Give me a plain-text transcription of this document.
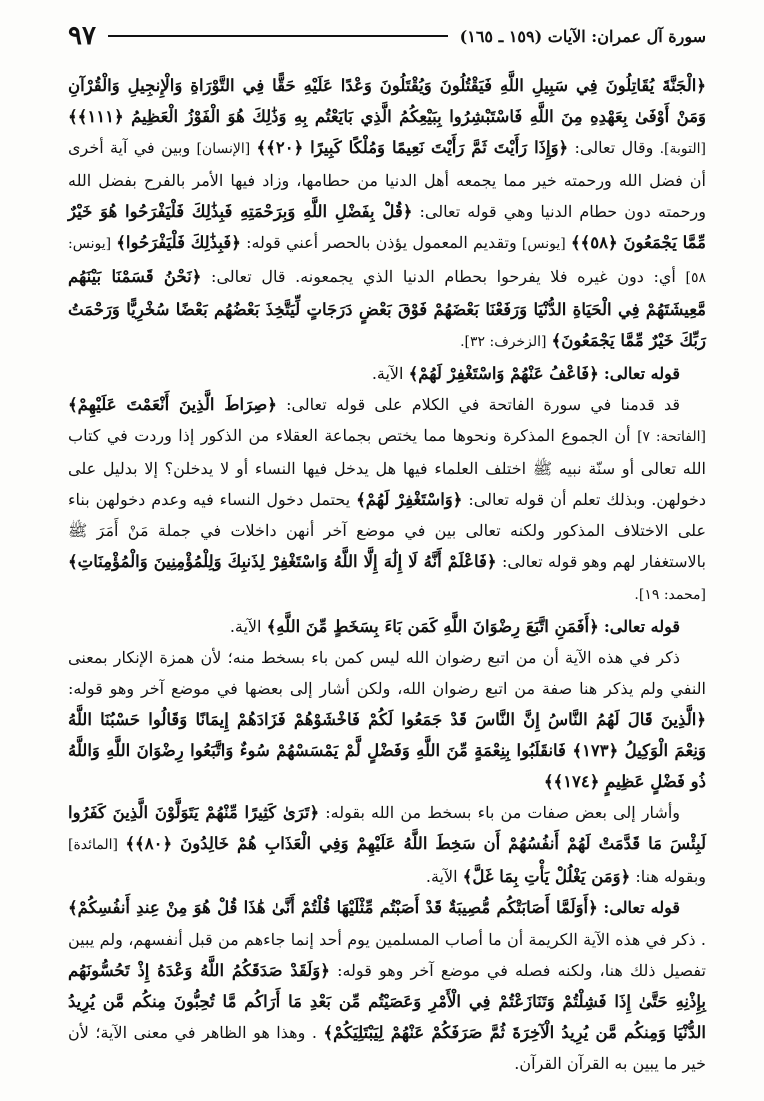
سورة آل عمران: الآيات (١٥٩ ـ ١٦٥)
٩٧

﴿الْجَنَّةَ يُقَاتِلُونَ فِي سَبِيلِ اللَّهِ فَيَقْتُلُونَ وَيُقْتَلُونَ وَعْدًا عَلَيْهِ حَقًّا فِي التَّوْرَاةِ وَالْإِنجِيلِ وَالْقُرْآنِ وَمَنْ أَوْفَىٰ بِعَهْدِهِ مِنَ اللَّهِ فَاسْتَبْشِرُوا بِبَيْعِكُمُ الَّذِي بَايَعْتُم بِهِ وَذَٰلِكَ هُوَ الْفَوْزُ الْعَظِيمُ ﴿١١١﴾﴾ [التوبة]. وقال تعالى: ﴿وَإِذَا رَأَيْتَ ثَمَّ رَأَيْتَ نَعِيمًا وَمُلْكًا كَبِيرًا ﴿٢٠﴾﴾ [الإنسان] وبين في آية أخرى أن فضل الله ورحمته خير مما يجمعه أهل الدنيا من حطامها، وزاد فيها الأمر بالفرح بفضل الله ورحمته دون حطام الدنيا وهي قوله تعالى: ﴿قُلْ بِفَضْلِ اللَّهِ وَبِرَحْمَتِهِ فَبِذَٰلِكَ فَلْيَفْرَحُوا هُوَ خَيْرٌ مِّمَّا يَجْمَعُونَ ﴿٥٨﴾﴾ [يونس] وتقديم المعمول يؤذن بالحصر أعني قوله: ﴿فَبِذَٰلِكَ فَلْيَفْرَحُوا﴾ [يونس: ٥٨] أي: دون غيره فلا يفرحوا بحطام الدنيا الذي يجمعونه. قال تعالى: ﴿نَحْنُ قَسَمْنَا بَيْنَهُم مَّعِيشَتَهُمْ فِي الْحَيَاةِ الدُّنْيَا وَرَفَعْنَا بَعْضَهُمْ فَوْقَ بَعْضٍ دَرَجَاتٍ لِّيَتَّخِذَ بَعْضُهُم بَعْضًا سُخْرِيًّا وَرَحْمَتُ رَبِّكَ خَيْرٌ مِّمَّا يَجْمَعُونَ﴾ [الزخرف: ٣٢].

قوله تعالى: ﴿فَاعْفُ عَنْهُمْ وَاسْتَغْفِرْ لَهُمْ﴾ الآية.

قد قدمنا في سورة الفاتحة في الكلام على قوله تعالى: ﴿صِرَاطَ الَّذِينَ أَنْعَمْتَ عَلَيْهِمْ﴾ [الفاتحة: ٧] أن الجموع المذكرة ونحوها مما يختص بجماعة العقلاء من الذكور إذا وردت في كتاب الله تعالى أو سنّة نبيه ﷺ اختلف العلماء فيها هل يدخل فيها النساء أو لا يدخلن؟ إلا بدليل على دخولهن. وبذلك تعلم أن قوله تعالى: ﴿وَاسْتَغْفِرْ لَهُمْ﴾ يحتمل دخول النساء فيه وعدم دخولهن بناء على الاختلاف المذكور ولكنه تعالى بين في موضع آخر أنهن داخلات في جملة مَنْ أَمَرَ ﷺ بالاستغفار لهم وهو قوله تعالى: ﴿فَاعْلَمْ أَنَّهُ لَا إِلَٰهَ إِلَّا اللَّهُ وَاسْتَغْفِرْ لِذَنبِكَ وَلِلْمُؤْمِنِينَ وَالْمُؤْمِنَاتِ﴾ [محمد: ١٩].

قوله تعالى: ﴿أَفَمَنِ اتَّبَعَ رِضْوَانَ اللَّهِ كَمَن بَاءَ بِسَخَطٍ مِّنَ اللَّهِ﴾ الآية.

ذكر في هذه الآية أن من اتبع رضوان الله ليس كمن باء بسخط منه؛ لأن همزة الإنكار بمعنى النفي ولم يذكر هنا صفة من اتبع رضوان الله، ولكن أشار إلى بعضها في موضع آخر وهو قوله: ﴿الَّذِينَ قَالَ لَهُمُ النَّاسُ إِنَّ النَّاسَ قَدْ جَمَعُوا لَكُمْ فَاخْشَوْهُمْ فَزَادَهُمْ إِيمَانًا وَقَالُوا حَسْبُنَا اللَّهُ وَنِعْمَ الْوَكِيلُ ﴿١٧٣﴾ فَانقَلَبُوا بِنِعْمَةٍ مِّنَ اللَّهِ وَفَضْلٍ لَّمْ يَمْسَسْهُمْ سُوءٌ وَاتَّبَعُوا رِضْوَانَ اللَّهِ وَاللَّهُ ذُو فَضْلٍ عَظِيمٍ ﴿١٧٤﴾﴾

وأشار إلى بعض صفات من باء بسخط من الله بقوله: ﴿تَرَىٰ كَثِيرًا مِّنْهُمْ يَتَوَلَّوْنَ الَّذِينَ كَفَرُوا لَبِئْسَ مَا قَدَّمَتْ لَهُمْ أَنفُسُهُمْ أَن سَخِطَ اللَّهُ عَلَيْهِمْ وَفِي الْعَذَابِ هُمْ خَالِدُونَ ﴿٨٠﴾﴾ [المائدة] وبقوله هنا: ﴿وَمَن يَغْلُلْ يَأْتِ بِمَا غَلَّ﴾ الآية.

قوله تعالى: ﴿أَوَلَمَّا أَصَابَتْكُم مُّصِيبَةٌ قَدْ أَصَبْتُم مِّثْلَيْهَا قُلْتُمْ أَنَّىٰ هَٰذَا قُلْ هُوَ مِنْ عِندِ أَنفُسِكُمْ﴾ . ذكر في هذه الآية الكريمة أن ما أصاب المسلمين يوم أحد إنما جاءهم من قبل أنفسهم، ولم يبين تفصيل ذلك هنا، ولكنه فصله في موضع آخر وهو قوله: ﴿وَلَقَدْ صَدَقَكُمُ اللَّهُ وَعْدَهُ إِذْ تَحُسُّونَهُم بِإِذْنِهِ حَتَّىٰ إِذَا فَشِلْتُمْ وَتَنَازَعْتُمْ فِي الْأَمْرِ وَعَصَيْتُم مِّن بَعْدِ مَا أَرَاكُم مَّا تُحِبُّونَ مِنكُم مَّن يُرِيدُ الدُّنْيَا وَمِنكُم مَّن يُرِيدُ الْآخِرَةَ ثُمَّ صَرَفَكُمْ عَنْهُمْ لِيَبْتَلِيَكُمْ﴾ . وهذا هو الظاهر في معنى الآية؛ لأن خير ما يبين به القرآن القرآن.
